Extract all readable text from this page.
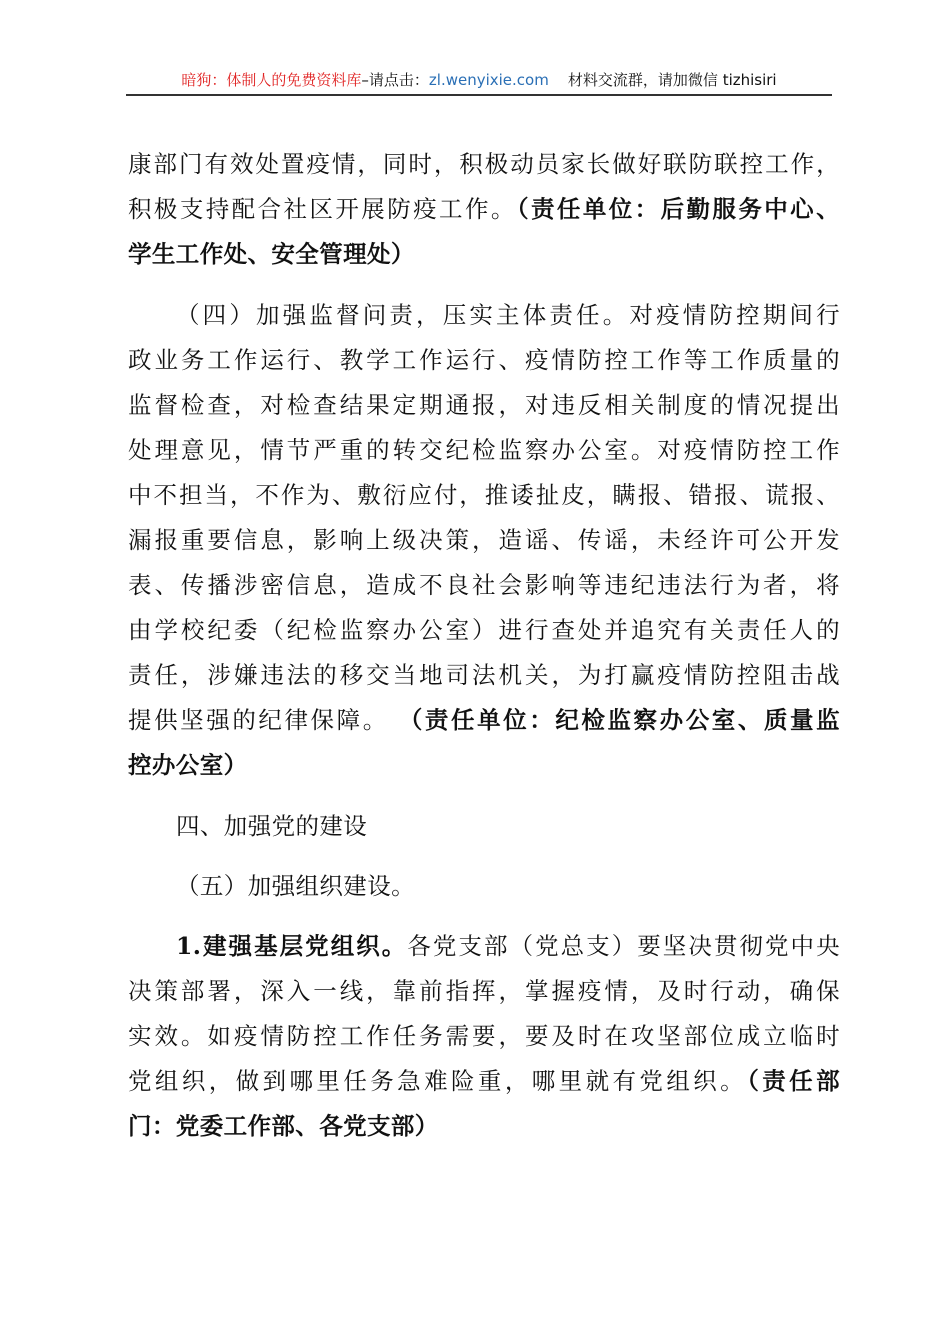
暗狗：体制人的免费资料库–请点击：zl.wenyixie.com 材料交流群，请加微信 tizhisiri
康部门有效处置疫情，同时，积极动员家长做好联防联控工作，
积极支持配合社区开展防疫工作。（责任单位：后勤服务中心、
学生工作处、安全管理处）
（四）加强监督问责，压实主体责任。对疫情防控期间行
政业务工作运行、教学工作运行、疫情防控工作等工作质量的
监督检查，对检查结果定期通报，对违反相关制度的情况提出
处理意见，情节严重的转交纪检监察办公室。对疫情防控工作
中不担当，不作为、敷衍应付，推诿扯皮，瞒报、错报、谎报、
漏报重要信息，影响上级决策，造谣、传谣，未经许可公开发
表、传播涉密信息，造成不良社会影响等违纪违法行为者，将
由学校纪委（纪检监察办公室）进行查处并追究有关责任人的
责任，涉嫌违法的移交当地司法机关，为打赢疫情防控阻击战
提供坚强的纪律保障。 （责任单位：纪检监察办公室、质量监
控办公室）
四、加强党的建设
（五）加强组织建设。
1.建强基层党组织。各党支部（党总支）要坚决贯彻党中央
决策部署，深入一线，靠前指挥，掌握疫情，及时行动，确保
实效。如疫情防控工作任务需要，要及时在攻坚部位成立临时
党组织，做到哪里任务急难险重，哪里就有党组织。（责任部
门：党委工作部、各党支部）
